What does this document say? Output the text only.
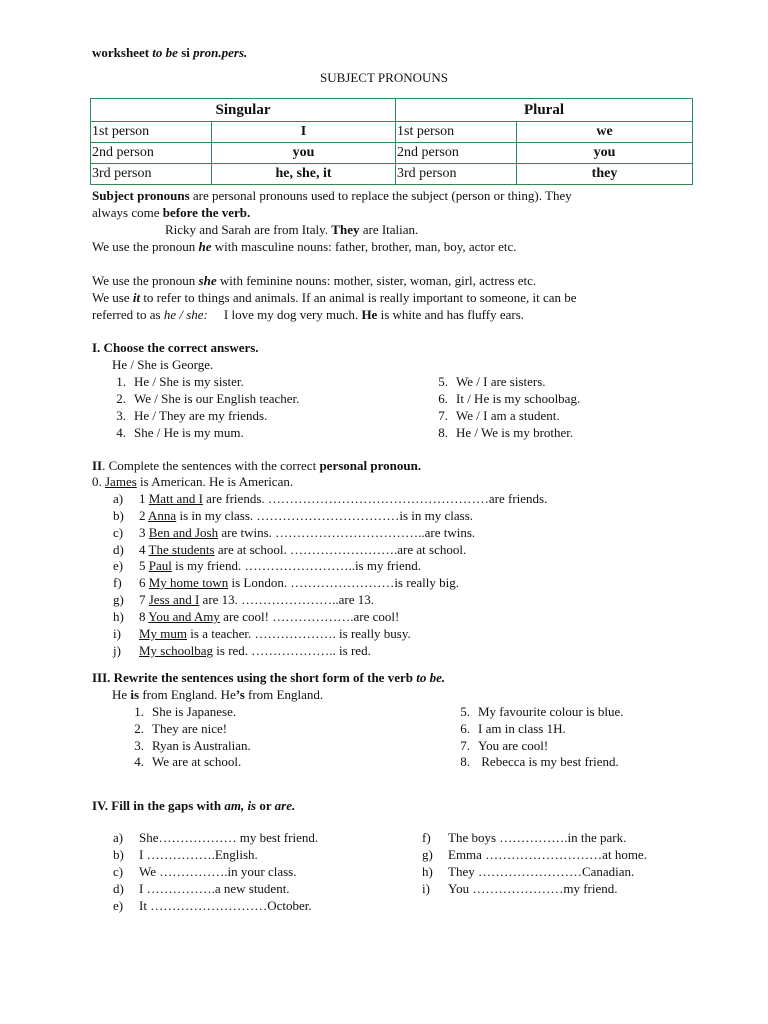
worksheet to be si pron.pers.
SUBJECT PRONOUNS
Singular		Plural	
1st person	I	1st person	we
2nd person	you	2nd person	you
3rd person	he, she, it	3rd person	they
Subject pronouns are personal pronouns used to replace the subject (person or thing). They
always come before the verb.
Ricky and Sarah are from Italy. They are Italian.
We use the pronoun he with masculine nouns: father, brother, man, boy, actor etc.
We use the pronoun she with feminine nouns: mother, sister, woman, girl, actress etc.
We use it to refer to things and animals. If an animal is really important to someone, it can be
referred to as he / she: I love my dog very much. He is white and has fluffy ears.
I. Choose the correct answers.
He / She is George.
1. He / She is my sister.
2. We / She is our English teacher.
3. He / They are my friends.
4. She / He is my mum.
5. We / I are sisters.
6. It / He is my schoolbag.
7. We / I am a student.
8. He / We is my brother.
II. Complete the sentences with the correct personal pronoun.
0. James is American. He is American.
a) 1 Matt and I are friends. ……………………………………………are friends.
b) 2 Anna is in my class. ……………………………is in my class.
c) 3 Ben and Josh are twins. ……………………………..are twins.
d) 4 The students are at school. …………………….are at school.
e) 5 Paul is my friend. ……………………..is my friend.
f) 6 My home town is London. ……………………is really big.
g) 7 Jess and I are 13. …………………..are 13.
h) 8 You and Amy are cool! ……………….are cool!
i) My mum is a teacher. ………………. is really busy.
j) My schoolbag is red. ……………….. is red.
III. Rewrite the sentences using the short form of the verb to be.
He is from England. He’s from England.
1. She is Japanese.
2. They are nice!
3. Ryan is Australian.
4. We are at school.
5. My favourite colour is blue.
6. I am in class 1H.
7. You are cool!
8. Rebecca is my best friend.
IV. Fill in the gaps with am, is or are.
a) She……………… my best friend.
b) I …………….English.
c) We …………….in your class.
d) I …………….a new student.
e) It ………………………October.
f) The boys …………….in the park.
g) Emma ………………………at home.
h) They ……………………Canadian.
i) You …………………my friend.
